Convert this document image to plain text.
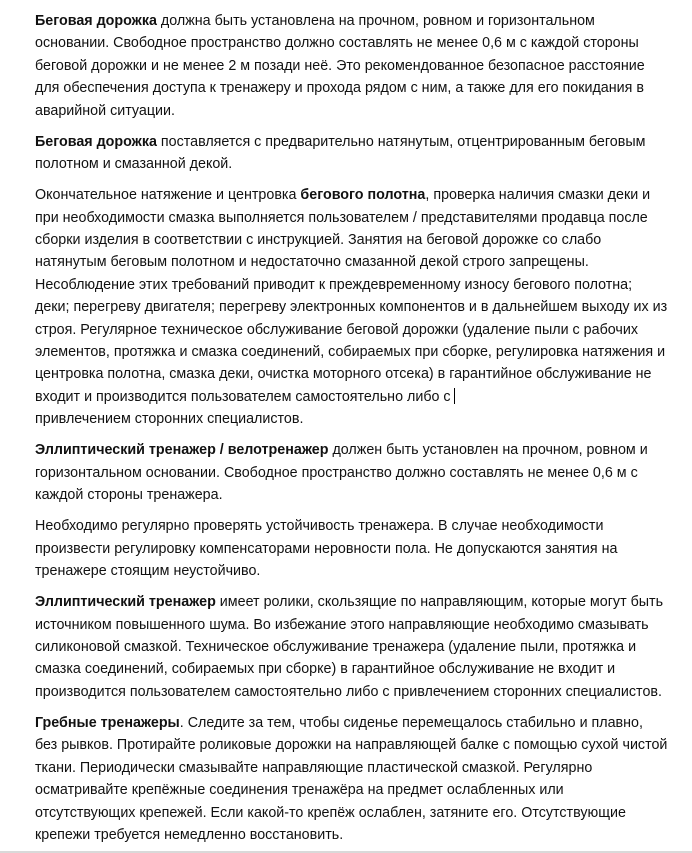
Беговая дорожка должна быть установлена на прочном, ровном и горизонтальном основании. Свободное пространство должно составлять не менее 0,6 м с каждой стороны беговой дорожки и не менее 2 м позади неё. Это рекомендованное безопасное расстояние для обеспечения доступа к тренажеру и прохода рядом с ним, а также для его покидания в аварийной ситуации.

Беговая дорожка поставляется с предварительно натянутым, отцентрированным беговым полотном и смазанной декой.

Окончательное натяжение и центровка бегового полотна, проверка наличия смазки деки и при необходимости смазка выполняется пользователем / представителями продавца после сборки изделия в соответствии с инструкцией. Занятия на беговой дорожке со слабо натянутым беговым полотном и недостаточно смазанной декой строго запрещены. Несоблюдение этих требований приводит к преждевременному износу бегового полотна; деки; перегреву двигателя; перегреву электронных компонентов и в дальнейшем выходу их из строя. Регулярное техническое обслуживание беговой дорожки (удаление пыли с рабочих элементов, протяжка и смазка соединений, собираемых при сборке, регулировка натяжения и центровка полотна, смазка деки, очистка моторного отсека) в гарантийное обслуживание не входит и производится пользователем самостоятельно либо с
привлечением сторонних специалистов.

Эллиптический тренажер / велотренажер должен быть установлен на прочном, ровном и горизонтальном основании. Свободное пространство должно составлять не менее 0,6 м с каждой стороны тренажера.

Необходимо регулярно проверять устойчивость тренажера. В случае необходимости произвести регулировку компенсаторами неровности пола. Не допускаются занятия на тренажере стоящим неустойчиво.

Эллиптический тренажер имеет ролики, скользящие по направляющим, которые могут быть источником повышенного шума. Во избежание этого направляющие необходимо смазывать силиконовой смазкой. Техническое обслуживание тренажера (удаление пыли, протяжка и смазка соединений, собираемых при сборке) в гарантийное обслуживание не входит и производится пользователем самостоятельно либо с привлечением сторонних специалистов.

Гребные тренажеры. Следите за тем, чтобы сиденье перемещалось стабильно и плавно, без рывков. Протирайте роликовые дорожки на направляющей балке с помощью сухой чистой ткани. Периодически смазывайте направляющие пластической смазкой. Регулярно осматривайте крепёжные соединения тренажёра на предмет ослабленных или отсутствующих крепежей. Если какой-то крепёж ослаблен, затяните его. Отсутствующие крепежи требуется немедленно восстановить.
